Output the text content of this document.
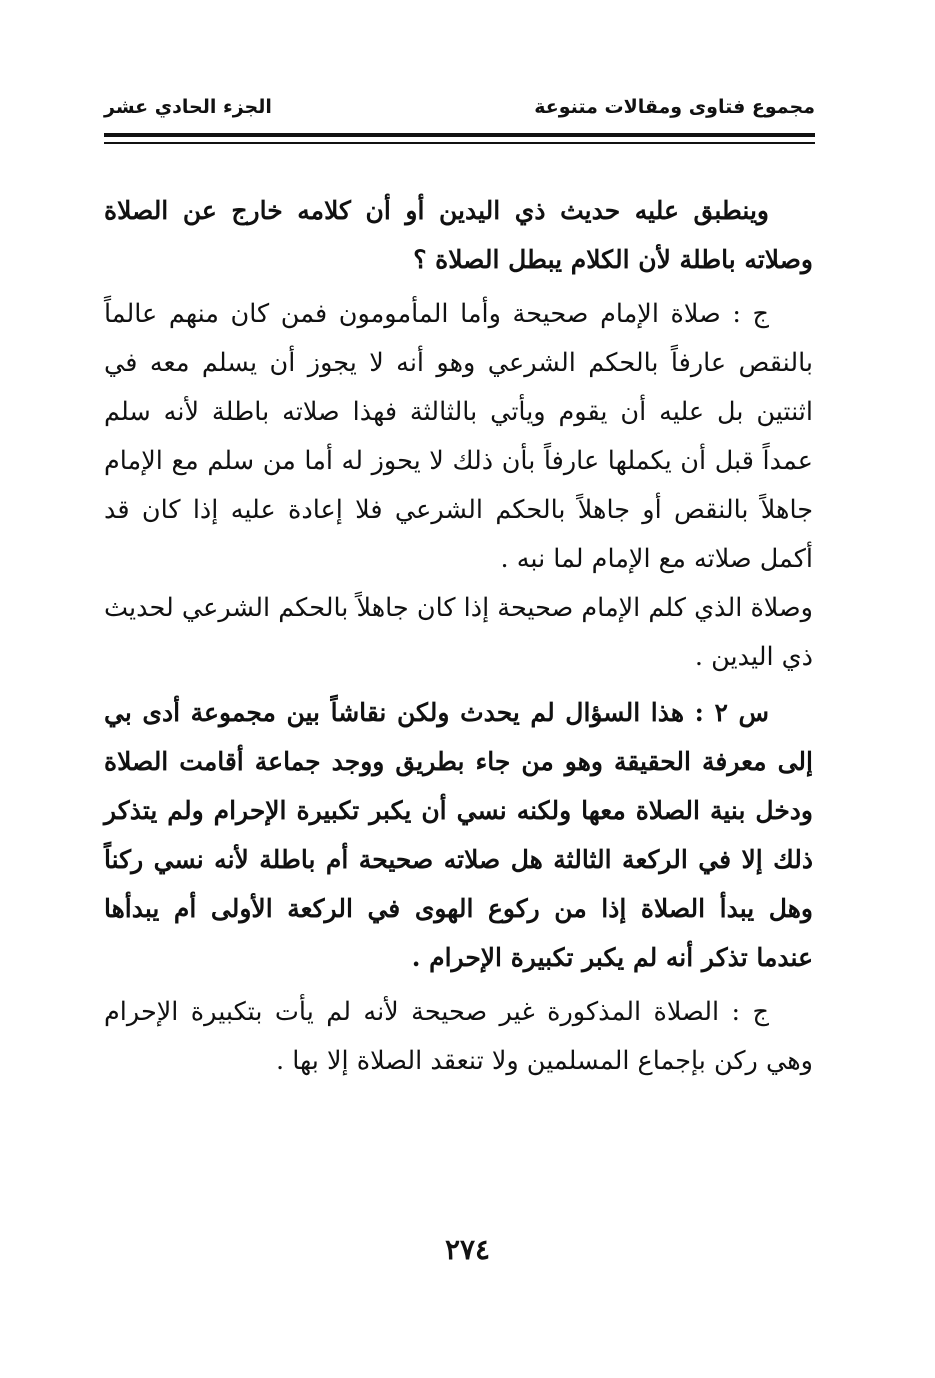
مجموع فتاوى ومقالات متنوعة
الجزء الحادي عشر

وينطبق عليه حديث ذي اليدين أو أن كلامه خارج عن الصلاة وصلاته باطلة لأن الكلام يبطل الصلاة ؟

ج : صلاة الإمام صحيحة وأما المأمومون فمن كان منهم عالماً بالنقص عارفاً بالحكم الشرعي وهو أنه لا يجوز أن يسلم معه في اثنتين بل عليه أن يقوم ويأتي بالثالثة فهذا صلاته باطلة لأنه سلم عمداً قبل أن يكملها عارفاً بأن ذلك لا يحوز له أما من سلم مع الإمام جاهلاً بالنقص أو جاهلاً بالحكم الشرعي فلا إعادة عليه إذا كان قد أكمل صلاته مع الإمام لما نبه .

وصلاة الذي كلم الإمام صحيحة إذا كان جاهلاً بالحكم الشرعي لحديث ذي اليدين .

س ٢ : هذا السؤال لم يحدث ولكن نقاشاً بين مجموعة أدى بي إلى معرفة الحقيقة وهو من جاء بطريق ووجد جماعة أقامت الصلاة ودخل بنية الصلاة معها ولكنه نسي أن يكبر تكبيرة الإحرام ولم يتذكر ذلك إلا في الركعة الثالثة هل صلاته صحيحة أم باطلة لأنه نسي ركناً وهل يبدأ الصلاة إذا من ركوع الهوى في الركعة الأولى أم يبدأها عندما تذكر أنه لم يكبر تكبيرة الإحرام .

ج : الصلاة المذكورة غير صحيحة لأنه لم يأت بتكبيرة الإحرام وهي ركن بإجماع المسلمين ولا تنعقد الصلاة إلا بها .

٢٧٤
